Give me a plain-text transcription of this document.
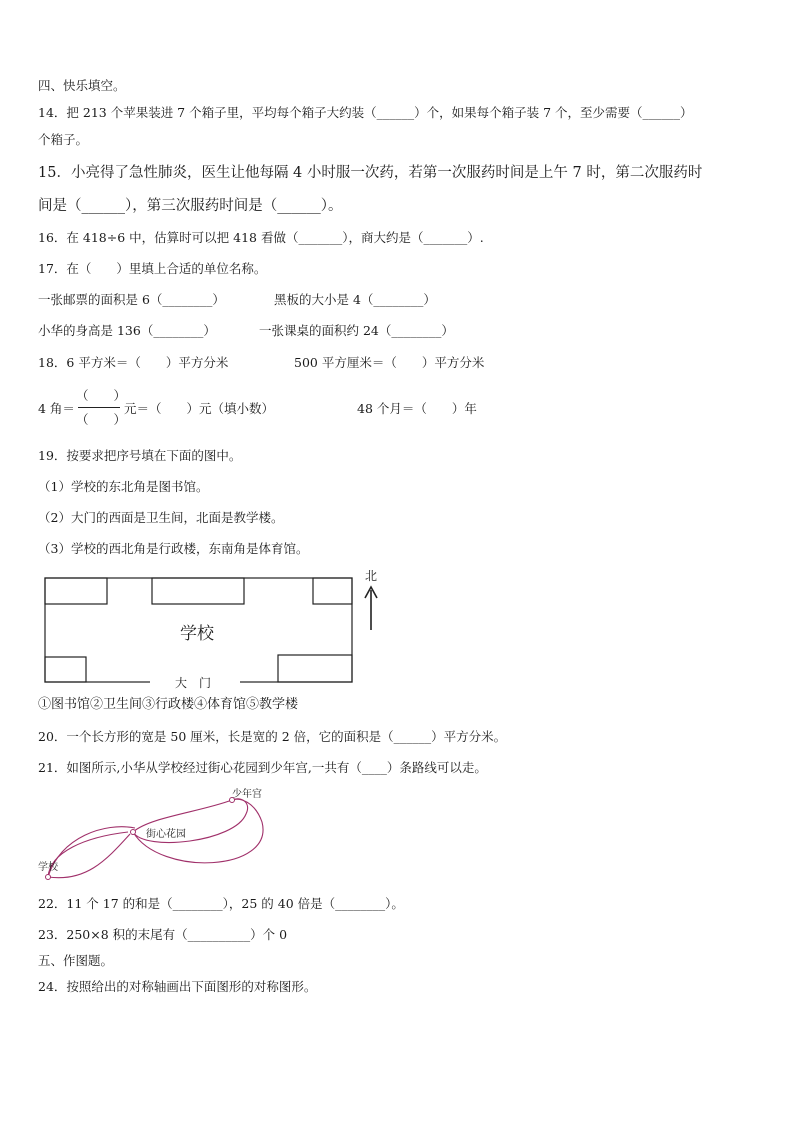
四、快乐填空。
14．把 213 个苹果装进 7 个箱子里，平均每个箱子大约装（______）个，如果每个箱子装 7 个，至少需要（______）
个箱子。
15．小亮得了急性肺炎，医生让他每隔 4 小时服一次药，若第一次服药时间是上午 7 时，第二次服药时
间是（______），第三次服药时间是（______）。
16．在 418÷6 中，估算时可以把 418 看做（_______），商大约是（_______）.
17．在（　　）里填上合适的单位名称。
一张邮票的面积是 6（________）	黑板的大小是 4（________）
小华的身高是 136（________）	一张课桌的面积约 24（________）
18．6 平方米＝（　　）平方分米	500 平方厘米＝（　　）平方分米
4 角＝
（　　）
（　　）
元＝（　　）元（填小数）	48 个月＝（　　）年
19．按要求把序号填在下面的图中。
（1）学校的东北角是图书馆。
（2）大门的西面是卫生间，北面是教学楼。
（3）学校的西北角是行政楼，东南角是体育馆。
学校
大　门
北
①图书馆②卫生间③行政楼④体育馆⑤教学楼
20．一个长方形的宽是 50 厘米，长是宽的 2 倍，它的面积是（______）平方分米。
21．如图所示,小华从学校经过街心花园到少年宫,一共有（____）条路线可以走。
少年宫
街心花园
学校
22．11 个 17 的和是（________），25 的 40 倍是（________）。
23．250×8 积的末尾有（__________）个 0
五、作图题。
24．按照给出的对称轴画出下面图形的对称图形。
